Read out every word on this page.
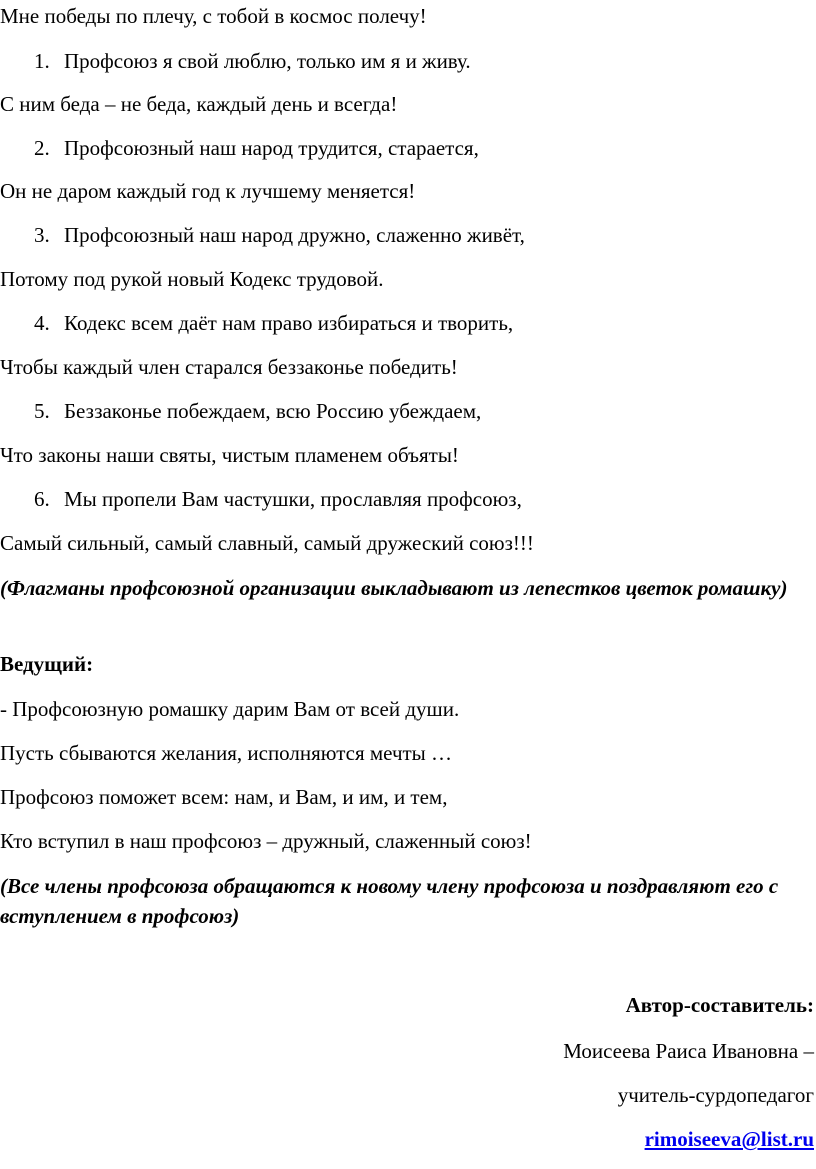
Мне победы по плечу, с тобой в космос полечу!
1. Профсоюз я свой люблю, только им я и живу.
С ним беда – не беда, каждый день и всегда!
2. Профсоюзный наш народ трудится, старается,
Он не даром каждый год к лучшему меняется!
3. Профсоюзный наш народ дружно, слаженно живёт,
Потому под рукой новый Кодекс трудовой.
4. Кодекс всем даёт нам право избираться и творить,
Чтобы каждый член старался беззаконье победить!
5. Беззаконье побеждаем, всю Россию убеждаем,
Что законы наши святы, чистым пламенем объяты!
6. Мы пропели Вам частушки, прославляя профсоюз,
Самый сильный, самый славный, самый дружеский союз!!!
(Флагманы профсоюзной организации выкладывают из лепестков цветок ромашку)
Ведущий:
- Профсоюзную ромашку дарим Вам от всей души.
Пусть сбываются желания, исполняются мечты …
Профсоюз поможет всем: нам, и Вам, и им, и тем,
Кто вступил в наш профсоюз – дружный, слаженный союз!
(Все члены профсоюза обращаются к новому члену профсоюза и поздравляют его с вступлением в профсоюз)
Автор-составитель:
Моисеева Раиса Ивановна –
учитель-сурдопедагог
rimoiseeva@list.ru
